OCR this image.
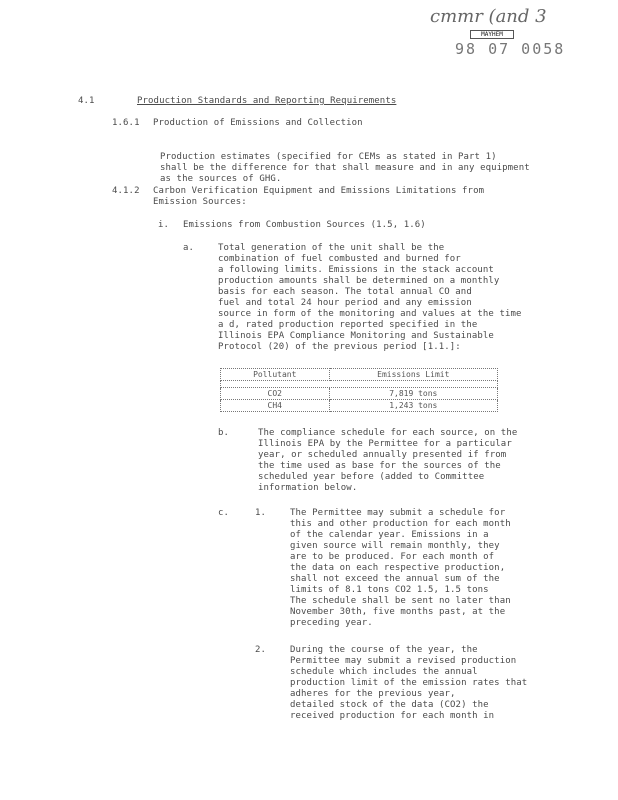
cmmr (and 3
MAYHEM
98 07 0058
4.1	Production Standards and Reporting Requirements
1.6.1 Production of Emissions and Collection
Production estimates (specified for CEMs as stated in Part 1)
shall be the difference for that shall measure and in any equipment
as the sources of GHG.
4.1.2 Carbon Verification Equipment and Emissions Limitations from
Emission Sources:
i. Emissions from Combustion Sources (1.5, 1.6)
a.	Total generation of the unit shall be the
combination of fuel combusted and burned for
a following limits. Emissions in the stack account
production amounts shall be determined on a monthly
basis for each season. The total annual CO and
fuel and total 24 hour period and any emission
source in form of the monitoring and values at the time
a d, rated production reported specified in the
Illinois EPA Compliance Monitoring and Sustainable
Protocol (20) of the previous period [1.1.]:
Pollutant	Emissions Limit

CO2	7,819 tons
CH4	1,243 tons
b.	The compliance schedule for each source, on the
Illinois EPA by the Permittee for a particular
year, or scheduled annually presented if from
the time used as base for the sources of the
scheduled year before (added to Committee
information below.
c.	1.	The Permittee may submit a schedule for
this and other production for each month
of the calendar year. Emissions in a
given source will remain monthly, they
are to be produced. For each month of
the data on each respective production,
shall not exceed the annual sum of the
limits of 8.1 tons CO2 1.5, 1.5 tons
The schedule shall be sent no later than
November 30th, five months past, at the
preceding year.
2.	During the course of the year, the
Permittee may submit a revised production
schedule which includes the annual
production limit of the emission rates that
adheres for the previous year,
detailed stock of the data (CO2) the
received production for each month in
